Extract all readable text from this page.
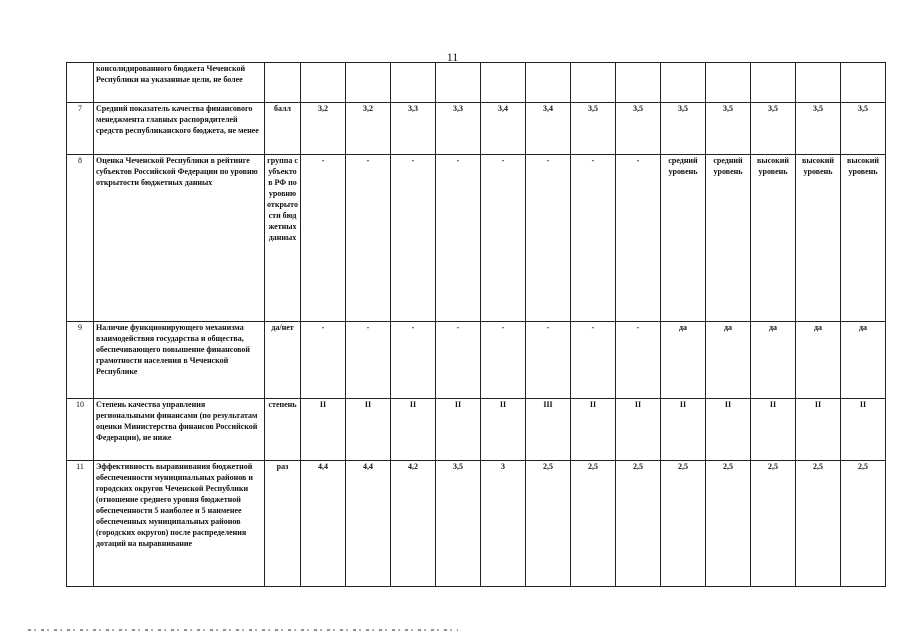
11
	консолидированного бюджета Чеченской Республики на указанные цели, не более														
7	Средний показатель качества финансового менеджмента главных распорядителей средств республиканского бюджета, не менее	балл	3,2	3,2	3,3	3,3	3,4	3,4	3,5	3,5	3,5	3,5	3,5	3,5	3,5
8	Оценка Чеченской Республики в рейтинге субъектов Российской Федерации по уровню открытости бюджетных данных	группа субъектов РФ по уровню открытости бюджетных данных	-	-	-	-	-	-	-	-	средний уровень	средний уровень	высокий уровень	высокий уровень	высокий уровень
9	Наличие функционирующего механизма взаимодействия государства и общества, обеспечивающего повышение финансовой грамотности населения в Чеченской Республике	да/нет	-	-	-	-	-	-	-	-	да	да	да	да	да
10	Степень качества управления региональными финансами (по результатам оценки Министерства финансов Российской Федерации), не ниже	степень	II	II	II	II	II	III	II	II	II	II	II	II	II
11	Эффективность выравнивания бюджетной обеспеченности муниципальных районов и городских округов Чеченской Республики (отношение среднего уровня бюджетной обеспеченности 5 наиболее и 5 наименее обеспеченных муниципальных районов (городских округов) после распределения дотаций на выравнивание	раз	4,4	4,4	4,2	3,5	3	2,5	2,5	2,5	2,5	2,5	2,5	2,5	2,5
